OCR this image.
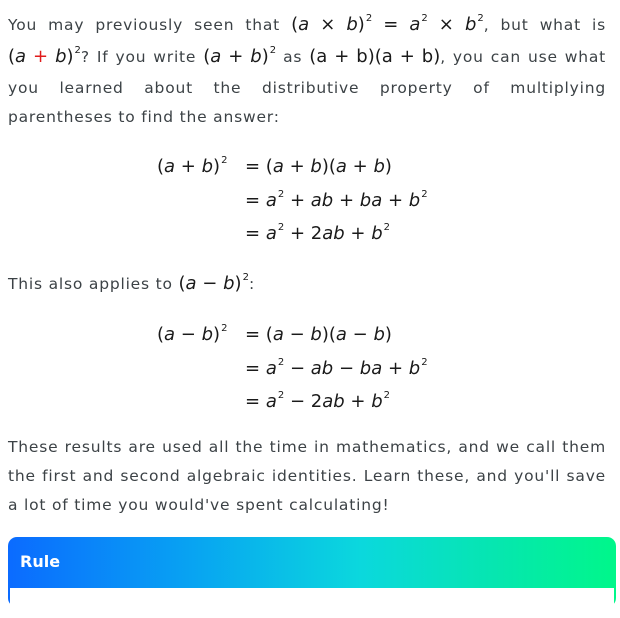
You may previously seen that $(a \times b)^2 = a^2 \times b^2$, but what is $(a + b)^2$? If you write $(a + b)^2$ as (a + b)(a + b), you can use what you learned about the distributive property of multiplying parentheses to find the answer:
$(a + b)^2 = (a + b)(a + b)$
= $a^2$ + ab + ba + $b^2$
= $a^2 + 2ab + b^2$
This also applies to $(a - b)^2$:
$(a - b)^2 = (a - b)(a - b)$
= $a^2$ − ab − ba + $b^2$
= $a^2 - 2ab + b^2$
These results are used all the time in mathematics, and we call them the first and second algebraic identities. Learn these, and you'll save a lot of time you would've spent calculating!
Rule
